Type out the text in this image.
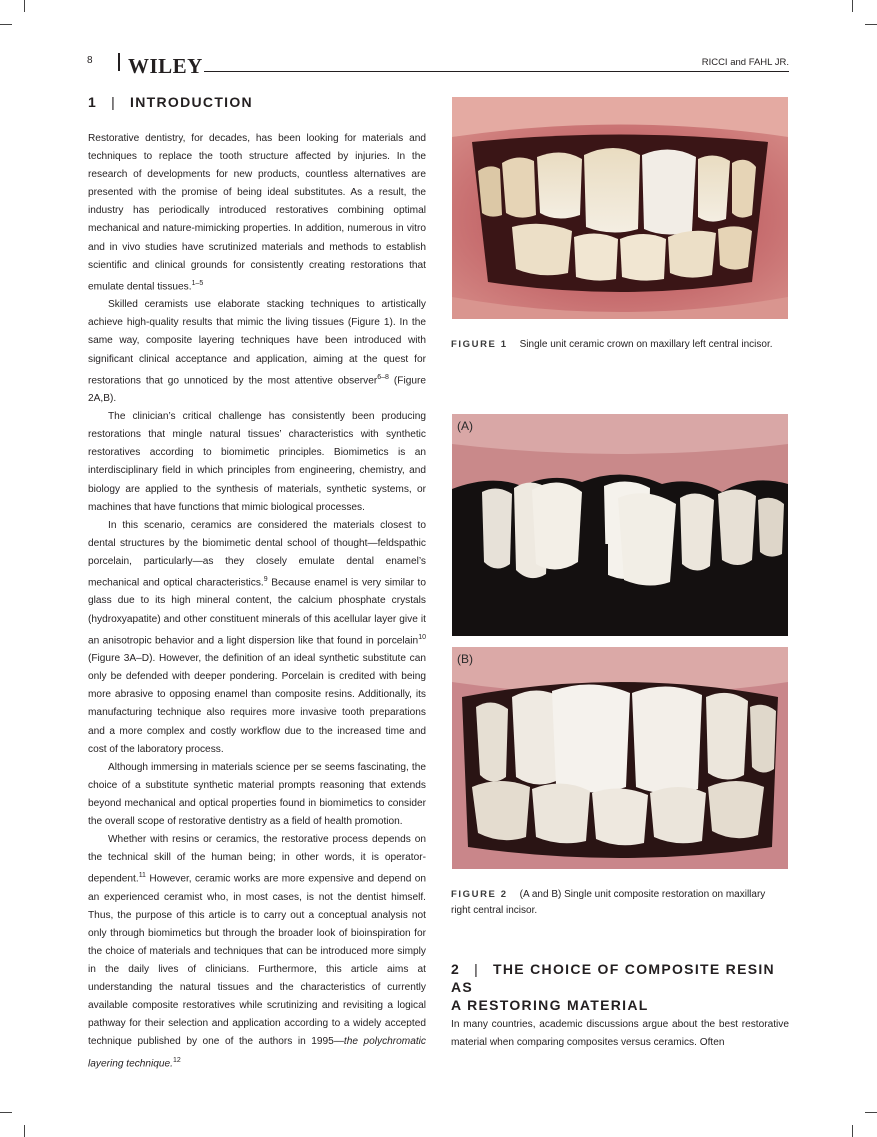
8 WILEY	RICCI and FAHL JR.
1 | INTRODUCTION

Restorative dentistry, for decades, has been looking for materials and techniques to replace the tooth structure affected by injuries. In the research of developments for new products, countless alternatives are presented with the promise of being ideal substitutes. As a result, the industry has periodically introduced restoratives combining optimal mechanical and nature-mimicking properties. In addition, numerous in vitro and in vivo studies have scrutinized materials and methods to establish scientific and clinical grounds for consistently creating restorations that emulate dental tissues.$^{1-5}$

Skilled ceramists use elaborate stacking techniques to artistically achieve high-quality results that mimic the living tissues (Figure 1). In the same way, composite layering techniques have been introduced with significant clinical acceptance and application, aiming at the quest for restorations that go unnoticed by the most attentive observer$^{6-8}$ (Figure 2A,B).

The clinician’s critical challenge has consistently been producing restorations that mingle natural tissues’ characteristics with synthetic restoratives according to biomimetic principles. Biomimetics is an interdisciplinary field in which principles from engineering, chemistry, and biology are applied to the synthesis of materials, synthetic systems, or machines that have functions that mimic biological processes.

In this scenario, ceramics are considered the materials closest to dental structures by the biomimetic dental school of thought—feldspathic porcelain, particularly—as they closely emulate dental enamel’s mechanical and optical characteristics.$^9$ Because enamel is very similar to glass due to its high mineral content, the calcium phosphate crystals (hydroxyapatite) and other constituent minerals of this acellular layer give it an anisotropic behavior and a light dispersion like that found in porcelain$^{10}$ (Figure 3A–D). However, the definition of an ideal synthetic substitute can only be defended with deeper pondering. Porcelain is credited with being more abrasive to opposing enamel than composite resins. Additionally, its manufacturing technique also requires more invasive tooth preparations and a more complex and costly workflow due to the increased time and cost of the laboratory process.

Although immersing in materials science per se seems fascinating, the choice of a substitute synthetic material prompts reasoning that extends beyond mechanical and optical properties found in biomimetics to consider the overall scope of restorative dentistry as a field of health promotion.

Whether with resins or ceramics, the restorative process depends on the technical skill of the human being; in other words, it is operator-dependent.$^{11}$ However, ceramic works are more expensive and depend on an experienced ceramist who, in most cases, is not the dentist himself. Thus, the purpose of this article is to carry out a conceptual analysis not only through biomimetics but through the broader look of bioinspiration for the choice of materials and techniques that can be introduced more simply in the daily lives of clinicians. Furthermore, this article aims at understanding the natural tissues and the characteristics of currently available composite restoratives while scrutinizing and revisiting a logical pathway for their selection and application according to a widely accepted technique published by one of the authors in 1995—the polychromatic layering technique.$^{12}$

FIGURE 1 Single unit ceramic crown on maxillary left central incisor.
(A)
(B)
FIGURE 2 (A and B) Single unit composite restoration on maxillary right central incisor.
2 | THE CHOICE OF COMPOSITE RESIN AS
A RESTORING MATERIAL

In many countries, academic discussions argue about the best restorative material when comparing composites versus ceramics. Often
